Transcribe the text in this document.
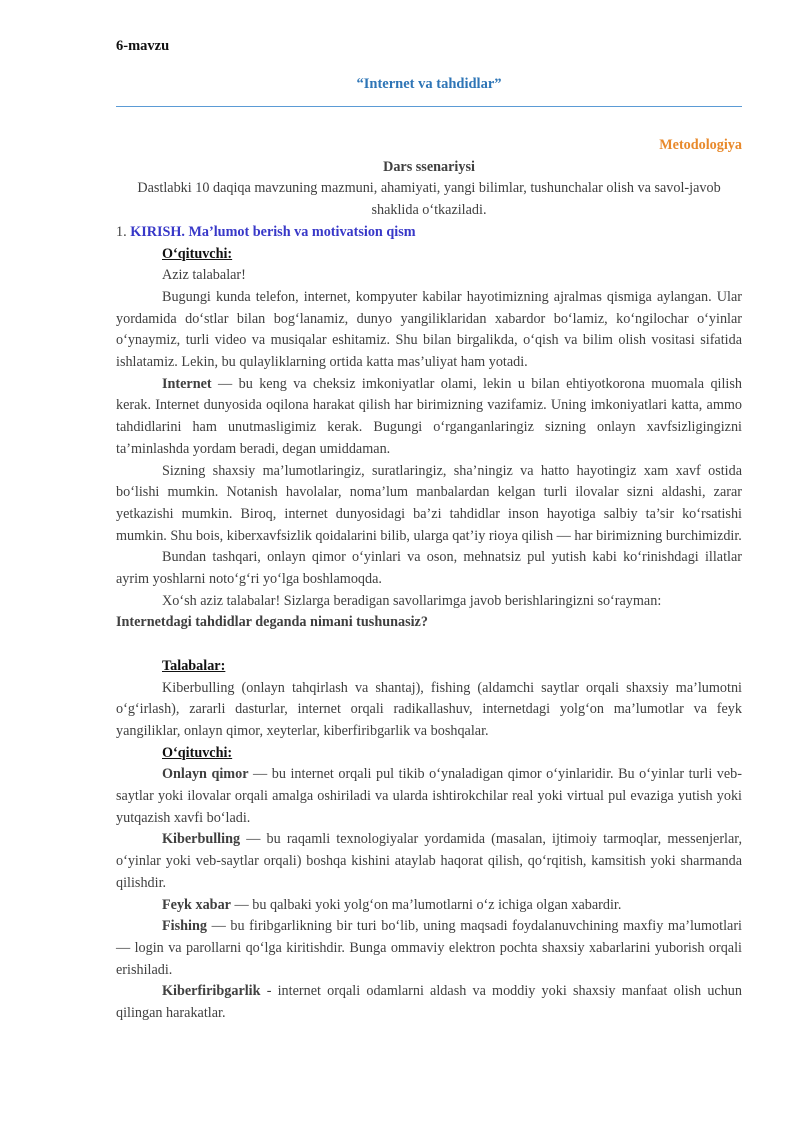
6-mavzu
“Internet va tahdidlar”

Metodologiya

Dars ssenariysi

Dastlabki 10 daqiqa mavzuning mazmuni, ahamiyati, yangi bilimlar, tushunchalar olish va savol-javob shaklida o‘tkaziladi.

1. KIRISH. Ma’lumot berish va motivatsion qism

O‘qituvchi:

Aziz talabalar!

Bugungi kunda telefon, internet, kompyuter kabilar hayotimizning ajralmas qismiga aylangan. Ular yordamida do‘stlar bilan bog‘lanamiz, dunyo yangiliklaridan xabardor bo‘lamiz, ko‘ngilochar o‘yinlar o‘ynaymiz, turli video va musiqalar eshitamiz. Shu bilan birgalikda, o‘qish va bilim olish vositasi sifatida ishlatamiz. Lekin, bu qulayliklarning ortida katta mas’uliyat ham yotadi.

Internet — bu keng va cheksiz imkoniyatlar olami, lekin u bilan ehtiyotkorona muomala qilish kerak. Internet dunyosida oqilona harakat qilish har birimizning vazifamiz. Uning imkoniyatlari katta, ammo tahdidlarini ham unutmasligimiz kerak. Bugungi o‘rganganlaringiz sizning onlayn xavfsizligingizni ta’minlashda yordam beradi, degan umiddaman.

Sizning shaxsiy ma’lumotlaringiz, suratlaringiz, sha’ningiz va hatto hayotingiz xam xavf ostida bo‘lishi mumkin. Notanish havolalar, noma’lum manbalardan kelgan turli ilovalar sizni aldashi, zarar yetkazishi mumkin. Biroq, internet dunyosidagi ba’zi tahdidlar inson hayotiga salbiy ta’sir ko‘rsatishi mumkin. Shu bois, kiberxavfsizlik qoidalarini bilib, ularga qat’iy rioya qilish — har birimizning burchimizdir.

Bundan tashqari, onlayn qimor o‘yinlari va oson, mehnatsiz pul yutish kabi ko‘rinishdagi illatlar ayrim yoshlarni noto‘g‘ri yo‘lga boshlamoqda.

Xo‘sh aziz talabalar! Sizlarga beradigan savollarimga javob berishlaringizni so‘rayman:

Internetdagi tahdidlar deganda nimani tushunasiz?

Talabalar:

Kiberbulling (onlayn tahqirlash va shantaj), fishing (aldamchi saytlar orqali shaxsiy ma’lumotni o‘g‘irlash), zararli dasturlar, internet orqali radikallashuv, internetdagi yolg‘on ma’lumotlar va feyk yangiliklar, onlayn qimor, xeyterlar, kiberfiribgarlik va boshqalar.

O‘qituvchi:

Onlayn qimor — bu internet orqali pul tikib o‘ynaladigan qimor o‘yinlaridir. Bu o‘yinlar turli veb-saytlar yoki ilovalar orqali amalga oshiriladi va ularda ishtirokchilar real yoki virtual pul evaziga yutish yoki yutqazish xavfi bo‘ladi.

Kiberbulling — bu raqamli texnologiyalar yordamida (masalan, ijtimoiy tarmoqlar, messenjerlar, o‘yinlar yoki veb-saytlar orqali) boshqa kishini ataylab haqorat qilish, qo‘rqitish, kamsitish yoki sharmanda qilishdir.

Feyk xabar — bu qalbaki yoki yolg‘on ma’lumotlarni o‘z ichiga olgan xabardir.

Fishing — bu firibgarlikning bir turi bo‘lib, uning maqsadi foydalanuvchining maxfiy ma’lumotlari — login va parollarni qo‘lga kiritishdir. Bunga ommaviy elektron pochta shaxsiy xabarlarini yuborish orqali erishiladi.

Kiberfiribgarlik - internet orqali odamlarni aldash va moddiy yoki shaxsiy manfaat olish uchun qilingan harakatlar.
